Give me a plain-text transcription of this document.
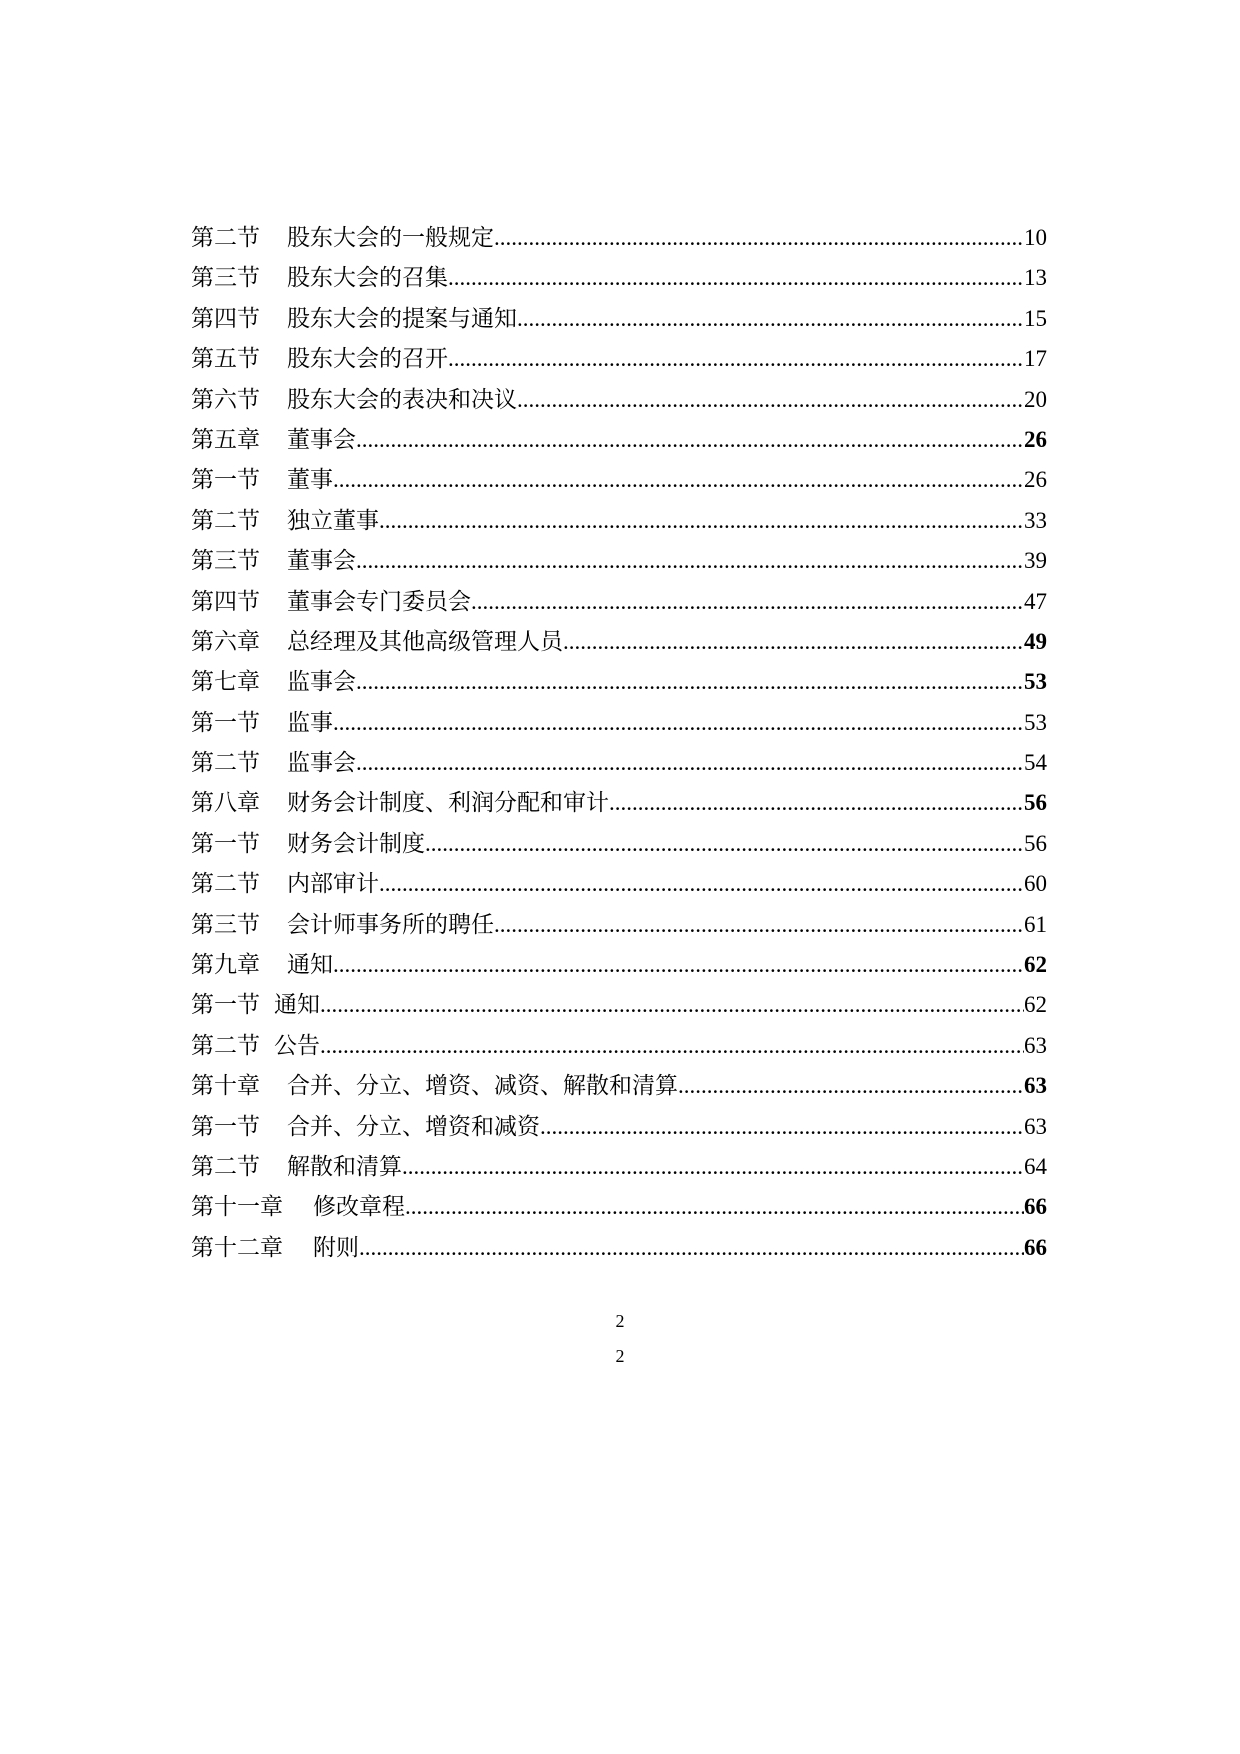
第二节 股东大会的一般规定 .....	10
第三节 股东大会的召集 .....	13
第四节 股东大会的提案与通知 .....	15
第五节 股东大会的召开 .....	17
第六节 股东大会的表决和决议 .....	20
第五章 董事会 .....	26
第一节 董事 .....	26
第二节 独立董事 .....	33
第三节 董事会 .....	39
第四节 董事会专门委员会 .....	47
第六章 总经理及其他高级管理人员 .....	49
第七章 监事会 .....	53
第一节 监事 .....	53
第二节 监事会 .....	54
第八章 财务会计制度、利润分配和审计 .....	56
第一节 财务会计制度 .....	56
第二节 内部审计 .....	60
第三节 会计师事务所的聘任 .....	61
第九章 通知 .....	62
第一节 通知 .....	62
第二节 公告 .....	63
第十章 合并、分立、增资、减资、解散和清算 .....	63
第一节 合并、分立、增资和减资 .....	63
第二节 解散和清算 .....	64
第十一章 修改章程 .....	66
第十二章 附则 .....	66
2
2
